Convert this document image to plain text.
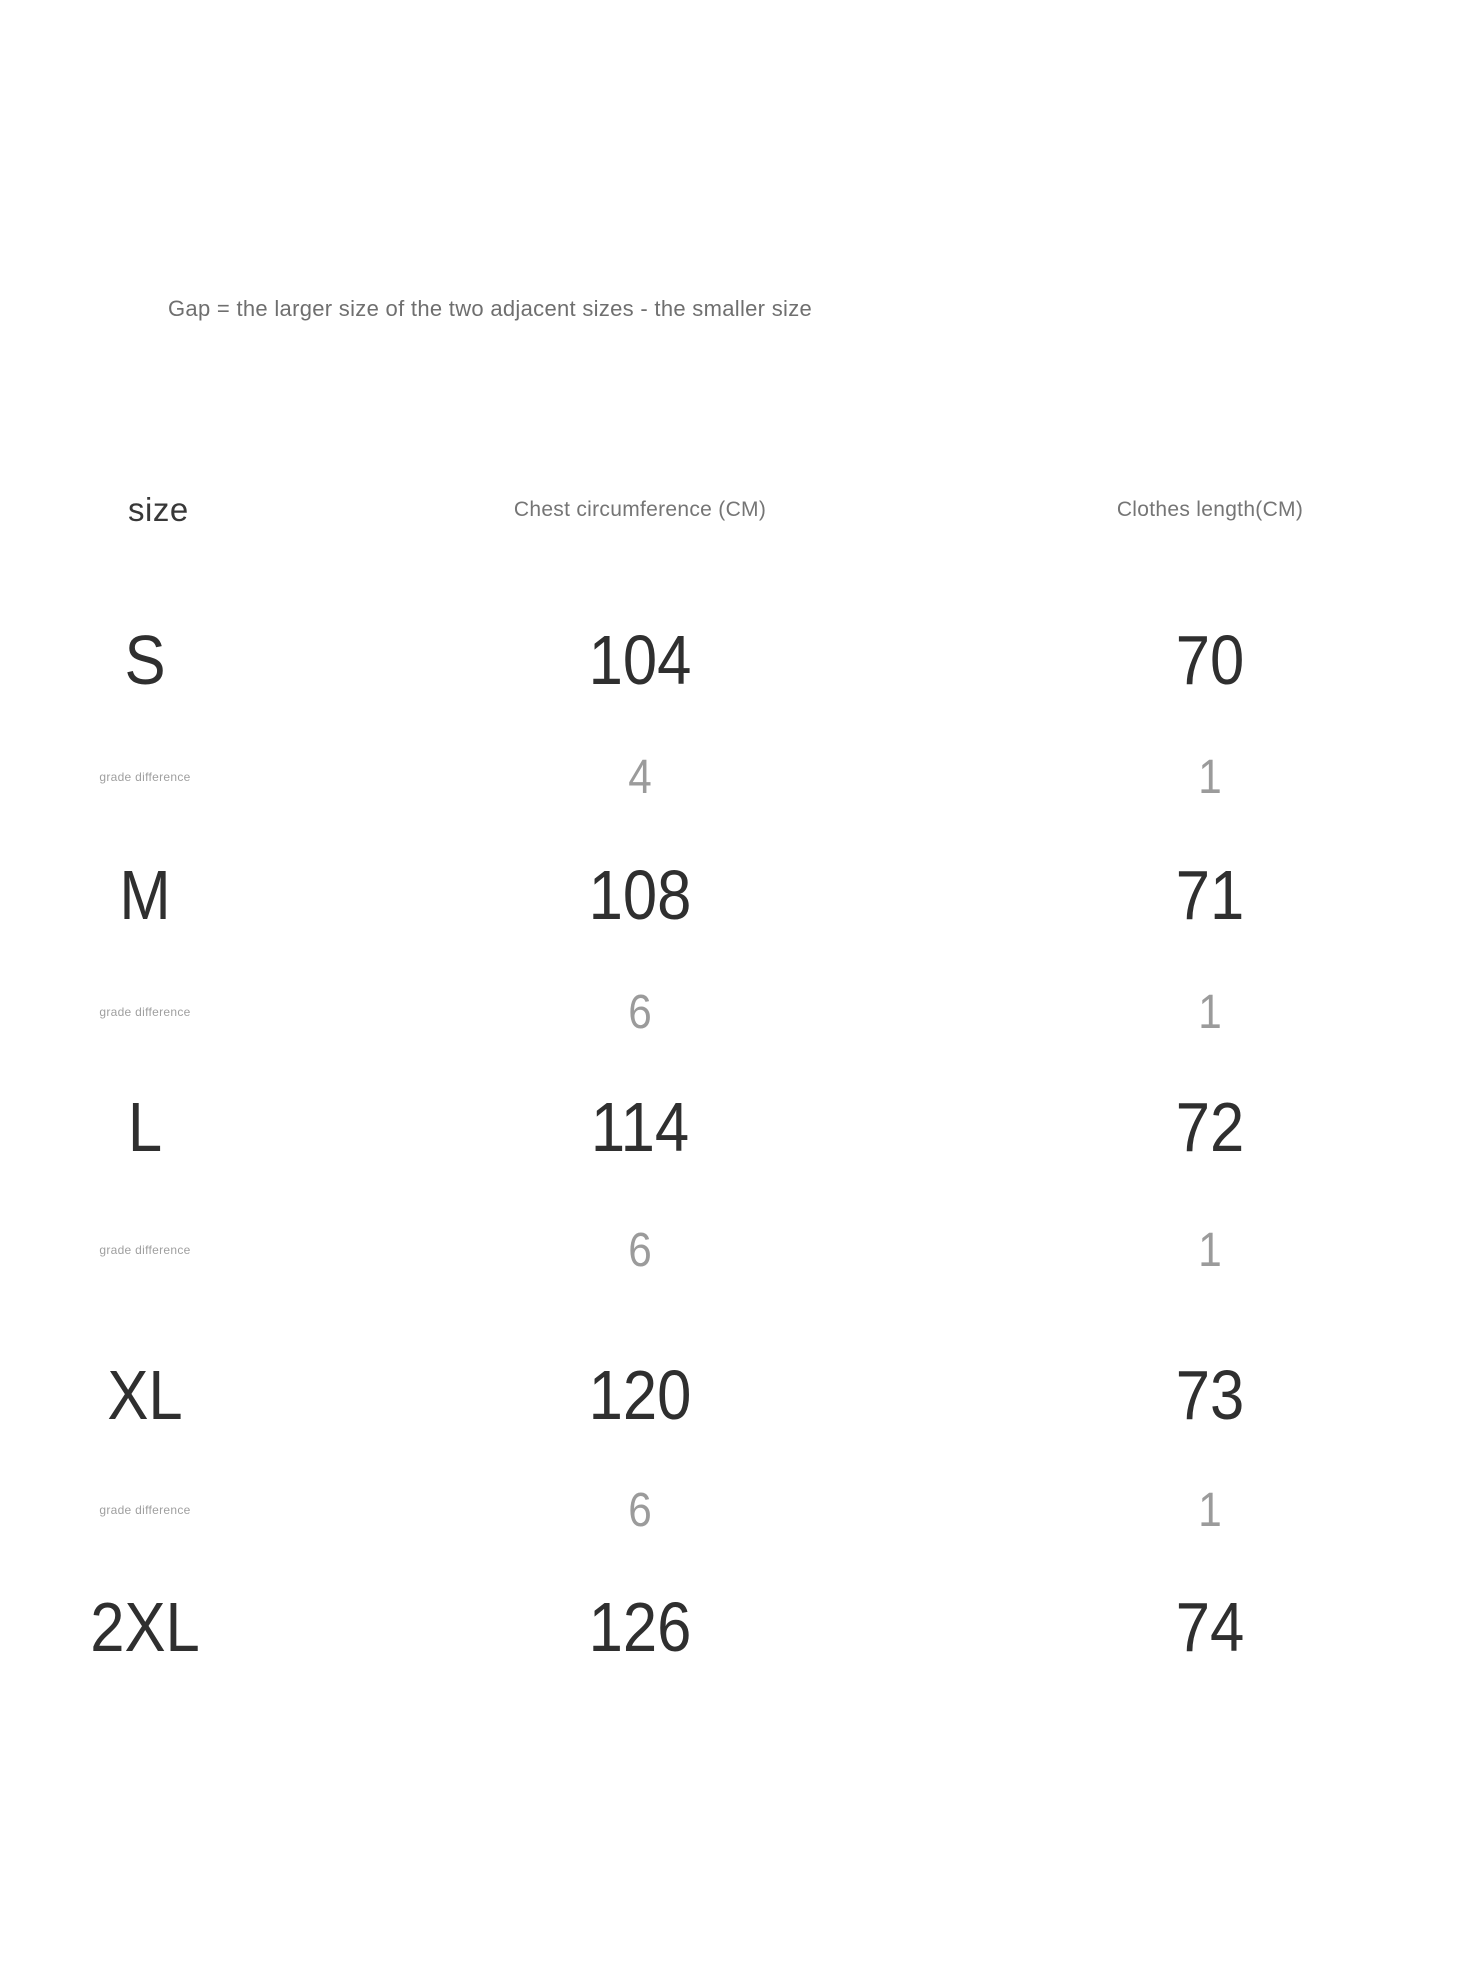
Gap = the larger size of the two adjacent sizes - the smaller size
size	Chest circumference (CM)	Clothes length(CM)
S	104	70
grade difference	4	1
M	108	71
grade difference	6	1
L	114	72
grade difference	6	1
XL	120	73
grade difference	6	1
2XL	126	74
